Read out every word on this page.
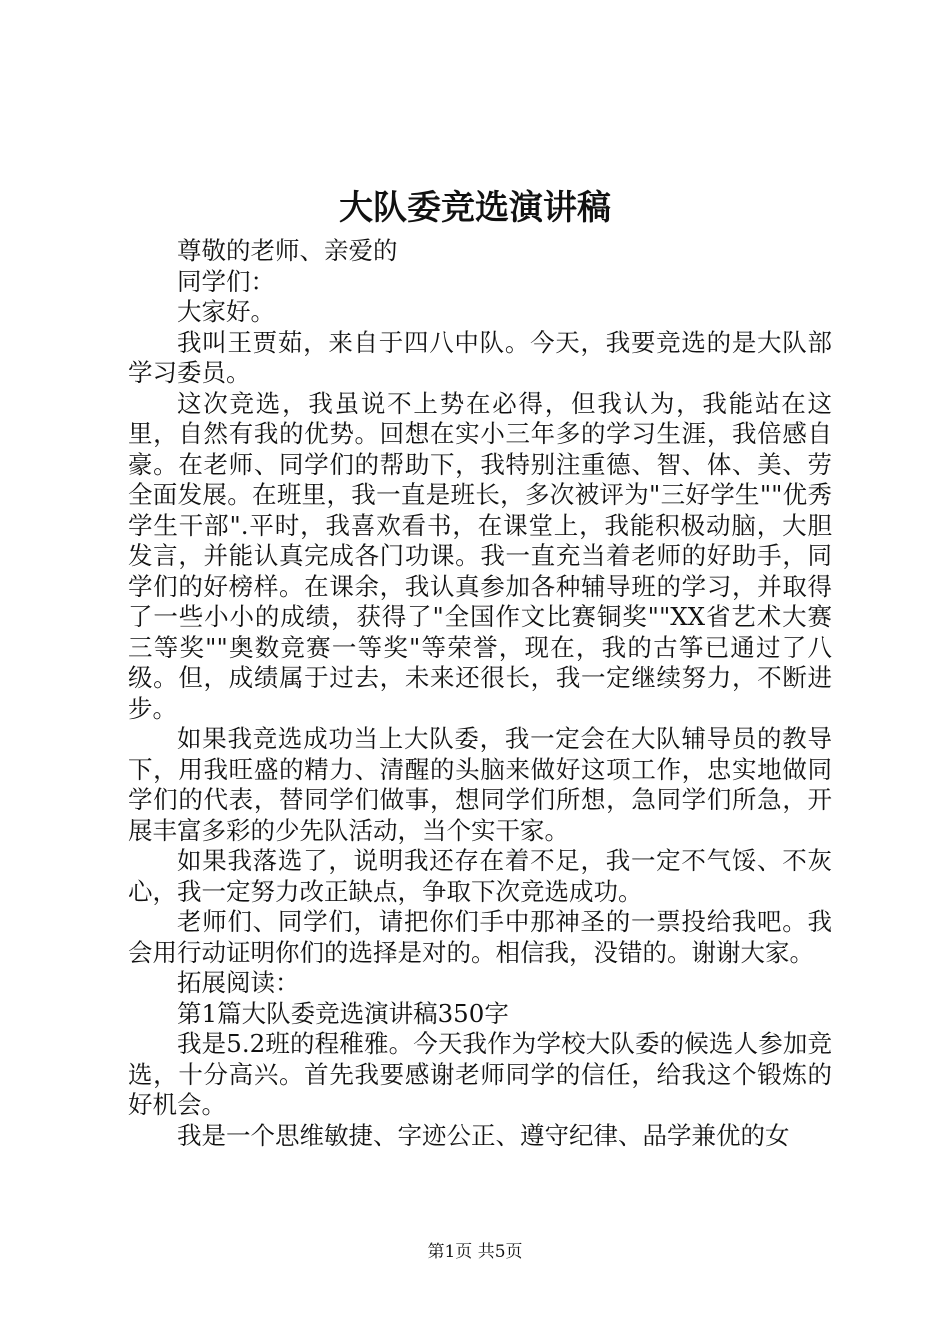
大队委竞选演讲稿

尊敬的老师、亲爱的

同学们：

大家好。

我叫王贾茹，来自于四八中队。今天，我要竞选的是大队部学习委员。

这次竞选，我虽说不上势在必得，但我认为，我能站在这里，自然有我的优势。回想在实小三年多的学习生涯，我倍感自豪。在老师、同学们的帮助下，我特别注重德、智、体、美、劳全面发展。在班里，我一直是班长，多次被评为"三好学生""优秀学生干部".平时，我喜欢看书，在课堂上，我能积极动脑，大胆发言，并能认真完成各门功课。我一直充当着老师的好助手，同学们的好榜样。在课余，我认真参加各种辅导班的学习，并取得了一些小小的成绩，获得了"全国作文比赛铜奖""XX省艺术大赛三等奖""奥数竞赛一等奖"等荣誉，现在，我的古筝已通过了八级。但，成绩属于过去，未来还很长，我一定继续努力，不断进步。

如果我竞选成功当上大队委，我一定会在大队辅导员的教导下，用我旺盛的精力、清醒的头脑来做好这项工作，忠实地做同学们的代表，替同学们做事，想同学们所想，急同学们所急，开展丰富多彩的少先队活动，当个实干家。

如果我落选了，说明我还存在着不足，我一定不气馁、不灰心，我一定努力改正缺点，争取下次竞选成功。

老师们、同学们，请把你们手中那神圣的一票投给我吧。我会用行动证明你们的选择是对的。相信我，没错的。谢谢大家。

拓展阅读：

第1篇大队委竞选演讲稿350字

我是5.2班的程稚雅。今天我作为学校大队委的候选人参加竞选，十分高兴。首先我要感谢老师同学的信任，给我这个锻炼的好机会。

我是一个思维敏捷、字迹公正、遵守纪律、品学兼优的女

第1页 共5页
